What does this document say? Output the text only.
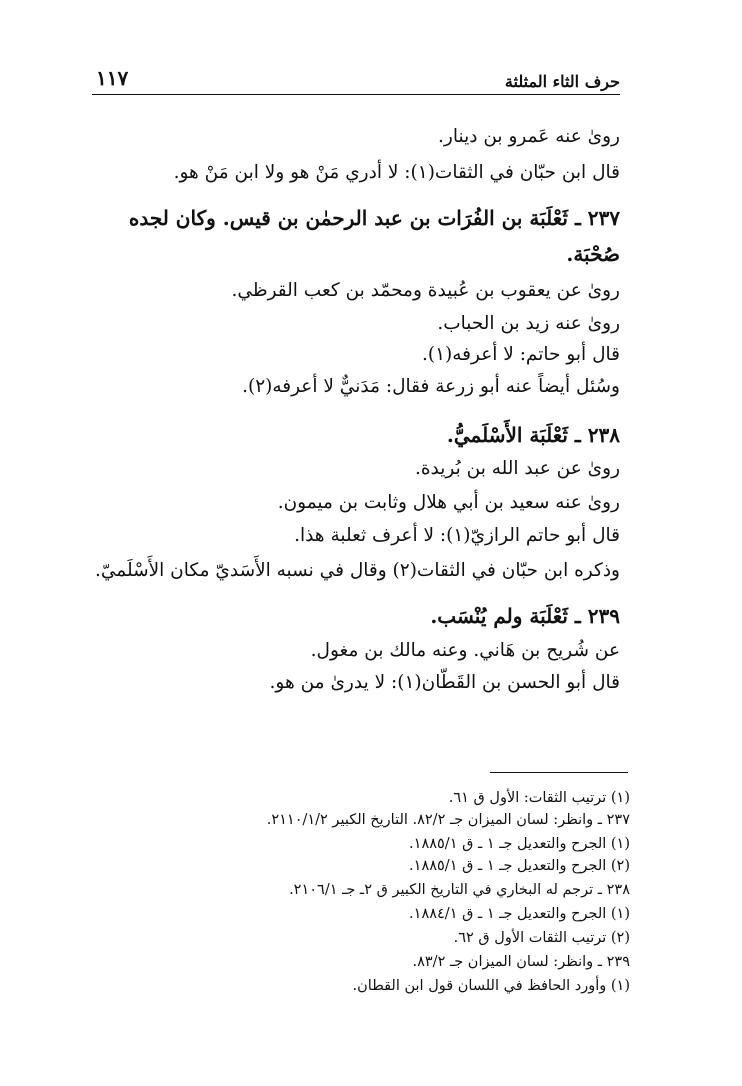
حرف الثاء المثلثة
١١٧
رویٰ عنه عَمرو بن دينار.
قال ابن حبّان في الثقات(١): لا أدري مَنْ هو ولا ابن مَنْ هو.
٢٣٧ ـ ثَعْلَبَة بن الفُرَات بن عبد الرحمٰن بن قيس. وكان لجده
صُحْبَة.
رویٰ عن يعقوب بن عُبيدة ومحمّد بن كعب القرظي.
رویٰ عنه زيد بن الحباب.
قال أبو حاتم: لا أعرفه(١).
وسُئل أيضاً عنه أبو زرعة فقال: مَدَنيٌّ لا أعرفه(٢).
٢٣٨ ـ ثَعْلَبَة الأَسْلَميُّ.
رویٰ عن عبد الله بن بُريدة.
رویٰ عنه سعيد بن أبي هلال وثابت بن ميمون.
قال أبو حاتم الرازيّ(١): لا أعرف ثعلبة هذا.
وذكره ابن حبّان في الثقات(٢) وقال في نسبه الأَسَديّ مكان الأَسْلَميّ.
٢٣٩ ـ ثَعْلَبَة ولم يُنْسَب.
عن شُريح بن هَاني. وعنه مالك بن مغول.
قال أبو الحسن بن القَطّان(١): لا يدرىٰ من هو.
(١) ترتيب الثقات: الأول ق ٦١.
٢٣٧ ـ وانظر: لسان الميزان جـ ٨٢/٢. التاريخ الكبير ٢١١٠/١/٢.
(١) الجرح والتعديل جـ ١ ـ ق ١٨٨٥/١.
(٢) الجرح والتعديل جـ ١ ـ ق ١٨٨٥/١.
٢٣٨ ـ ترجم له البخاري في التاريخ الكبير ق ٢ـ جـ ٢١٠٦/١.
(١) الجرح والتعديل جـ ١ ـ ق ١٨٨٤/١.
(٢) ترتيب الثقات الأول ق ٦٢.
٢٣٩ ـ وانظر: لسان الميزان جـ ٨٣/٢.
(١) وأورد الحافظ في اللسان قول ابن القطان.
